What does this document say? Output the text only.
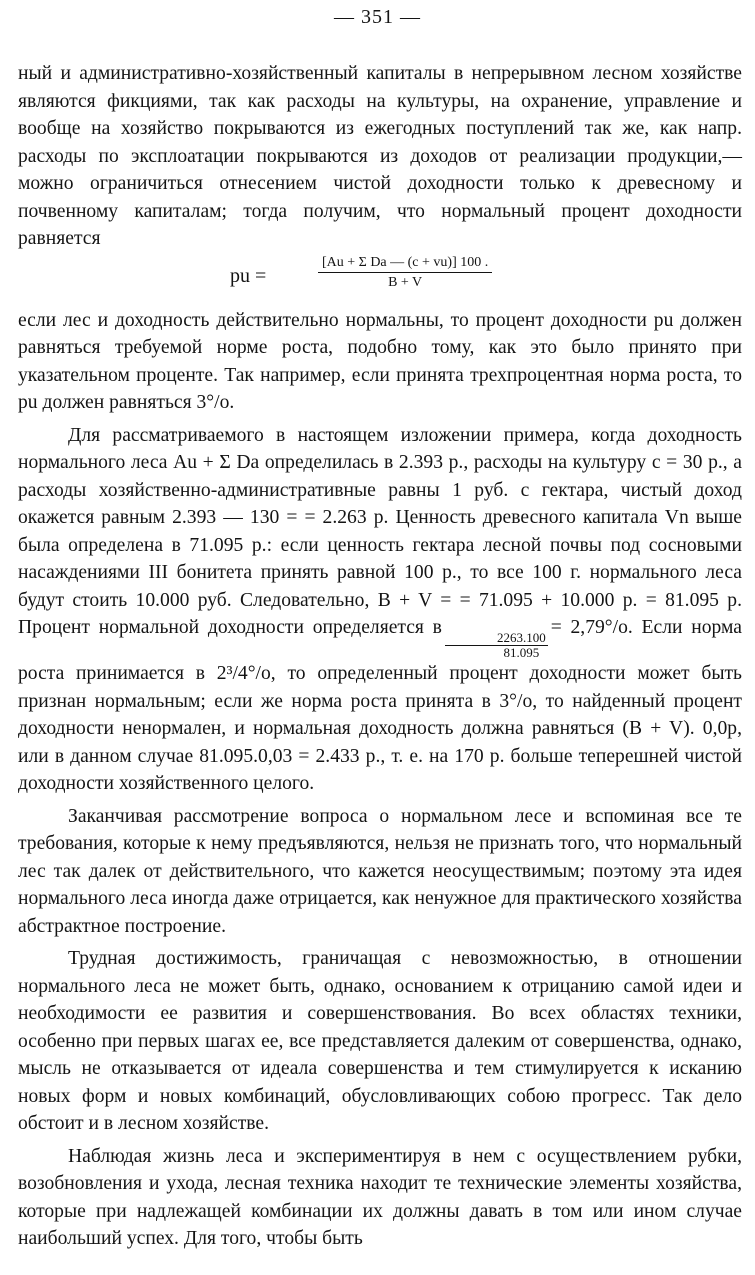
— 351 —

ный и административно-хозяйственный капиталы в непрерывном лесном хозяйстве являются фикциями, так как расходы на культуры, на охранение, управление и вообще на хозяйство покрываются из ежегодных поступлений так же, как напр. расходы по эксплоатации покрываются из доходов от реализации продукции,— можно ограничиться отнесением чистой доходности только к древесному и почвенному капиталам; тогда получим, что нормальный процент доходности равняется

pu =	$\frac{\text{[Au + Σ Da — (c + vu)] 100 .}}{B + V}$

если лес и доходность действительно нормальны, то процент доходности pu должен равняться требуемой норме роста, подобно тому, как это было принято при указательном проценте. Так например, если принята трехпроцентная норма роста, то pu должен равняться 3°/o.

Для рассматриваемого в настоящем изложении примера, когда доходность нормального леса Au + Σ Da определилась в 2.393 р., расходы на культуру c = 30 р., а расходы хозяйственно-административные равны 1 руб. с гектара, чистый доход окажется равным 2.393 — 130 = = 2.263 р. Ценность древесного капитала Vn выше была определена в 71.095 р.: если ценность гектара лесной почвы под сосновыми насаждениями III бонитета принять равной 100 р., то все 100 г. нормального леса будут стоить 10.000 руб. Следовательно, B + V = = 71.095 + 10.000 р. = 81.095 р. Процент нормальной доходности определяется в
$\frac{2263.100}{81.095}$
= 2,79°/o. Если норма роста принимается в 2³/4°/o, то определенный процент доходности может быть признан нормальным; если же норма роста принята в 3°/o, то найденный процент доходности ненормален, и нормальная доходность должна равняться (B + V). 0,0p, или в данном случае 81.095.0,03 = 2.433 р., т. е. на 170 р. больше теперешней чистой доходности хозяйственного целого.

Заканчивая рассмотрение вопроса о нормальном лесе и вспоминая все те требования, которые к нему предъявляются, нельзя не признать того, что нормальный лес так далек от действительного, что кажется неосуществимым; поэтому эта идея нормального леса иногда даже отрицается, как ненужное для практического хозяйства абстрактное построение.

Трудная достижимость, граничащая с невозможностью, в отношении нормального леса не может быть, однако, основанием к отрицанию самой идеи и необходимости ее развития и совершенствования. Во всех областях техники, особенно при первых шагах ее, все представляется далеким от совершенства, однако, мысль не отказывается от идеала совершенства и тем стимулируется к исканию новых форм и новых комбинаций, обусловливающих собою прогресс. Так дело обстоит и в лесном хозяйстве.

Наблюдая жизнь леса и экспериментируя в нем с осуществлением рубки, возобновления и ухода, лесная техника находит те технические элементы хозяйства, которые при надлежащей комбинации их должны давать в том или ином случае наибольший успех. Для того, чтобы быть
